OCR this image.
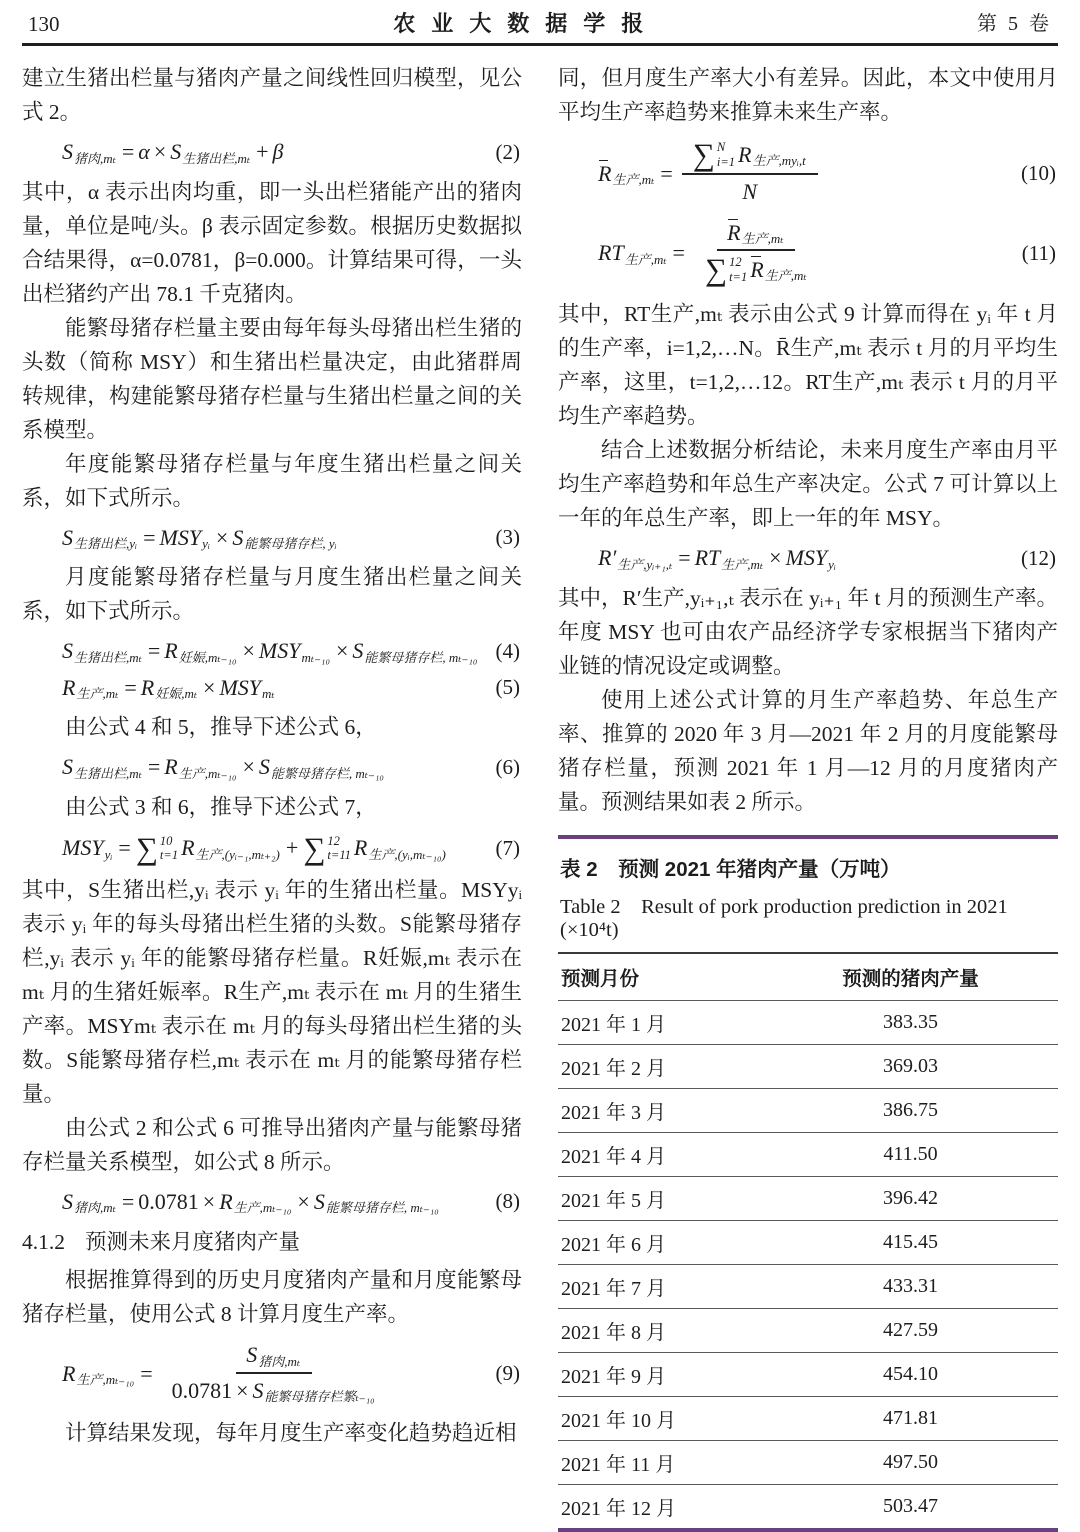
130	农业大数据学报	第 5 卷

建立生猪出栏量与猪肉产量之间线性回归模型，见公式 2。

S 猪肉,mₜ = α × S 生猪出栏,mₜ + β	(2)

其中，α 表示出肉均重，即一头出栏猪能产出的猪肉量，单位是吨/头。β 表示固定参数。根据历史数据拟合结果得，α=0.0781，β=0.000。计算结果可得，一头出栏猪约产出 78.1 千克猪肉。

能繁母猪存栏量主要由每年每头母猪出栏生猪的头数（简称 MSY）和生猪出栏量决定，由此猪群周转规律，构建能繁母猪存栏量与生猪出栏量之间的关系模型。

年度能繁母猪存栏量与年度生猪出栏量之间关系，如下式所示。

S 生猪出栏,yᵢ = MSY yᵢ × S 能繁母猪存栏, yᵢ	(3)

月度能繁母猪存栏量与月度生猪出栏量之间关系，如下式所示。

S 生猪出栏,mₜ = R 妊娠,mₜ₋₁₀ × MSY mₜ₋₁₀ × S 能繁母猪存栏, mₜ₋₁₀ (4)
R 生产,mₜ = R 妊娠,mₜ × MSY mₜ	(5)

由公式 4 和 5，推导下述公式 6，

S 生猪出栏,mₜ = R 生产,mₜ₋₁₀ × S 能繁母猪存栏, mₜ₋₁₀	(6)

由公式 3 和 6，推导下述公式 7，

MSY yᵢ = ∑ 10
t=1 R 生产,(yᵢ₋₁,mₜ₊₂) + ∑ 12
t=11 R 生产,(yᵢ,mₜ₋₁₀) (7)

其中，S生猪出栏,yᵢ 表示 yᵢ 年的生猪出栏量。MSYyᵢ 表示 yᵢ 年的每头母猪出栏生猪的头数。S能繁母猪存栏,yᵢ 表示 yᵢ 年的能繁母猪存栏量。R妊娠,mₜ 表示在 mₜ 月的生猪妊娠率。R生产,mₜ 表示在 mₜ 月的生猪生产率。MSYmₜ 表示在 mₜ 月的每头母猪出栏生猪的头数。S能繁母猪存栏,mₜ 表示在 mₜ 月的能繁母猪存栏量。

由公式 2 和公式 6 可推导出猪肉产量与能繁母猪存栏量关系模型，如公式 8 所示。

S 猪肉,mₜ = 0.0781 × R 生产,mₜ₋₁₀ × S 能繁母猪存栏, mₜ₋₁₀	(8)

4.1.2 预测未来月度猪肉产量

根据推算得到的历史月度猪肉产量和月度能繁母猪存栏量，使用公式 8 计算月度生产率。

R 生产$,m_{t-10} = \frac{\text{S 猪肉,mₜ}}{\text{0.0781 × S 能繁母猪存栏繁ₜ₋₁₀}}$	(9)

计算结果发现，每年月度生产率变化趋势趋近相

同，但月度生产率大小有差异。因此，本文中使用月平均生产率趋势来推算未来生产率。

R 生产,mₜ = ∑ N
i=1 R 生产,myᵢ,t
N	(10)
RT 生产,mₜ = R 生产,mₜ
∑ 12
t=1 R 生产,mₜ	(11)

其中，RT生产,mₜ 表示由公式 9 计算而得在 yᵢ 年 t 月的生产率，i=1,2,…N。R̄生产,mₜ 表示 t 月的月平均生产率，这里，t=1,2,…12。RT生产,mₜ 表示 t 月的月平均生产率趋势。

结合上述数据分析结论，未来月度生产率由月平均生产率趋势和年总生产率决定。公式 7 可计算以上一年的年总生产率，即上一年的年 MSY。

R′ 生产,yᵢ₊₁,ₜ = RT 生产,mₜ × MSY yᵢ	(12)

其中，R′生产,yᵢ₊₁,ₜ 表示在 yᵢ₊₁ 年 t 月的预测生产率。年度 MSY 也可由农产品经济学专家根据当下猪肉产业链的情况设定或调整。

使用上述公式计算的月生产率趋势、年总生产率、推算的 2020 年 3 月—2021 年 2 月的月度能繁母猪存栏量，预测 2021 年 1 月—12 月的月度猪肉产量。预测结果如表 2 所示。

表 2　预测 2021 年猪肉产量（万吨）
Table 2　Result of pork production prediction in 2021 (×10⁴t)
预测月份	预测的猪肉产量
2021 年 1 月	383.35
2021 年 2 月	369.03
2021 年 3 月	386.75
2021 年 4 月	411.50
2021 年 5 月	396.42
2021 年 6 月	415.45
2021 年 7 月	433.31
2021 年 8 月	427.59
2021 年 9 月	454.10
2021 年 10 月	471.81
2021 年 11 月	497.50
2021 年 12 月	503.47
